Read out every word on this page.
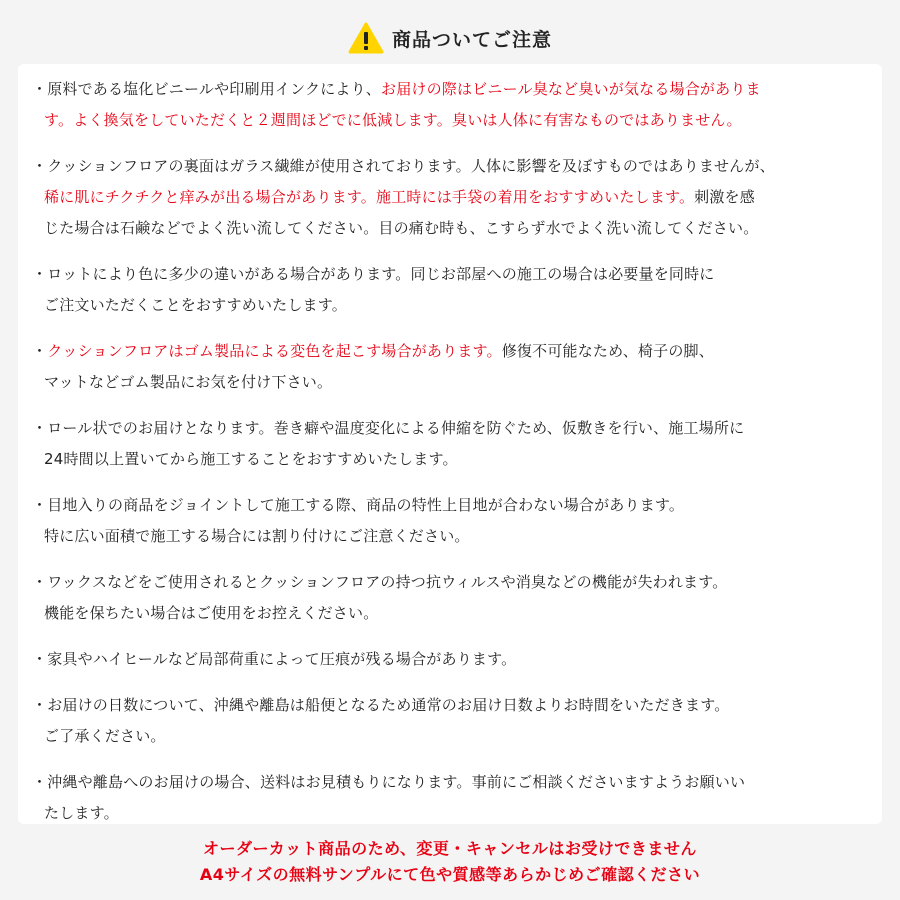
商品ついてご注意
・原料である塩化ビニールや印刷用インクにより、お届けの際はビニール臭など臭いが気なる場合がありま
す。よく換気をしていただくと２週間ほどでに低減します。臭いは人体に有害なものではありません。
・クッションフロアの裏面はガラス繊維が使用されております。人体に影響を及ぼすものではありませんが、
稀に肌にチクチクと痒みが出る場合があります。施工時には手袋の着用をおすすめいたします。刺激を感
じた場合は石鹸などでよく洗い流してください。目の痛む時も、こすらず水でよく洗い流してください。
・ロットにより色に多少の違いがある場合があります。同じお部屋への施工の場合は必要量を同時に
ご注文いただくことをおすすめいたします。
・クッションフロアはゴム製品による変色を起こす場合があります。修復不可能なため、椅子の脚、
マットなどゴム製品にお気を付け下さい。
・ロール状でのお届けとなります。巻き癖や温度変化による伸縮を防ぐため、仮敷きを行い、施工場所に
24時間以上置いてから施工することをおすすめいたします。
・目地入りの商品をジョイントして施工する際、商品の特性上目地が合わない場合があります。
特に広い面積で施工する場合には割り付けにご注意ください。
・ワックスなどをご使用されるとクッションフロアの持つ抗ウィルスや消臭などの機能が失われます。
機能を保ちたい場合はご使用をお控えください。
・家具やハイヒールなど局部荷重によって圧痕が残る場合があります。
・お届けの日数について、沖縄や離島は船便となるため通常のお届け日数よりお時間をいただきます。
ご了承ください。
・沖縄や離島へのお届けの場合、送料はお見積もりになります。事前にご相談くださいますようお願いい
たします。
オーダーカット商品のため、変更・キャンセルはお受けできません
A4サイズの無料サンプルにて色や質感等あらかじめご確認ください
